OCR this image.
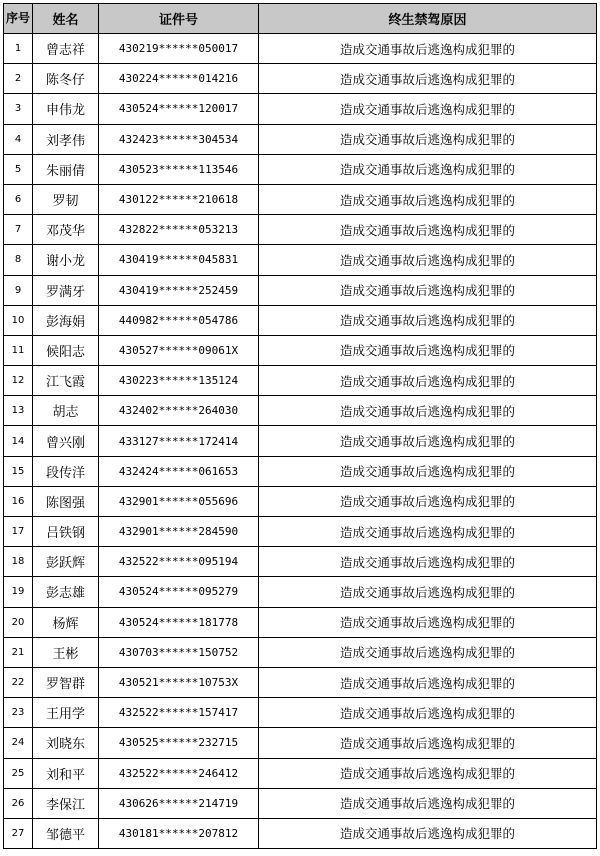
序号	姓名	证件号	终生禁驾原因
1	曾志祥	430219******050017	造成交通事故后逃逸构成犯罪的
2	陈冬仔	430224******014216	造成交通事故后逃逸构成犯罪的
3	申伟龙	430524******120017	造成交通事故后逃逸构成犯罪的
4	刘孝伟	432423******304534	造成交通事故后逃逸构成犯罪的
5	朱丽倩	430523******113546	造成交通事故后逃逸构成犯罪的
6	罗韧	430122******210618	造成交通事故后逃逸构成犯罪的
7	邓茂华	432822******053213	造成交通事故后逃逸构成犯罪的
8	谢小龙	430419******045831	造成交通事故后逃逸构成犯罪的
9	罗满牙	430419******252459	造成交通事故后逃逸构成犯罪的
10	彭海娟	440982******054786	造成交通事故后逃逸构成犯罪的
11	候阳志	430527******09061X	造成交通事故后逃逸构成犯罪的
12	江飞霞	430223******135124	造成交通事故后逃逸构成犯罪的
13	胡志	432402******264030	造成交通事故后逃逸构成犯罪的
14	曾兴刚	433127******172414	造成交通事故后逃逸构成犯罪的
15	段传洋	432424******061653	造成交通事故后逃逸构成犯罪的
16	陈图强	432901******055696	造成交通事故后逃逸构成犯罪的
17	吕铁钢	432901******284590	造成交通事故后逃逸构成犯罪的
18	彭跃辉	432522******095194	造成交通事故后逃逸构成犯罪的
19	彭志雄	430524******095279	造成交通事故后逃逸构成犯罪的
20	杨辉	430524******181778	造成交通事故后逃逸构成犯罪的
21	王彬	430703******150752	造成交通事故后逃逸构成犯罪的
22	罗智群	430521******10753X	造成交通事故后逃逸构成犯罪的
23	王用学	432522******157417	造成交通事故后逃逸构成犯罪的
24	刘晓东	430525******232715	造成交通事故后逃逸构成犯罪的
25	刘和平	432522******246412	造成交通事故后逃逸构成犯罪的
26	李保江	430626******214719	造成交通事故后逃逸构成犯罪的
27	邹德平	430181******207812	造成交通事故后逃逸构成犯罪的
